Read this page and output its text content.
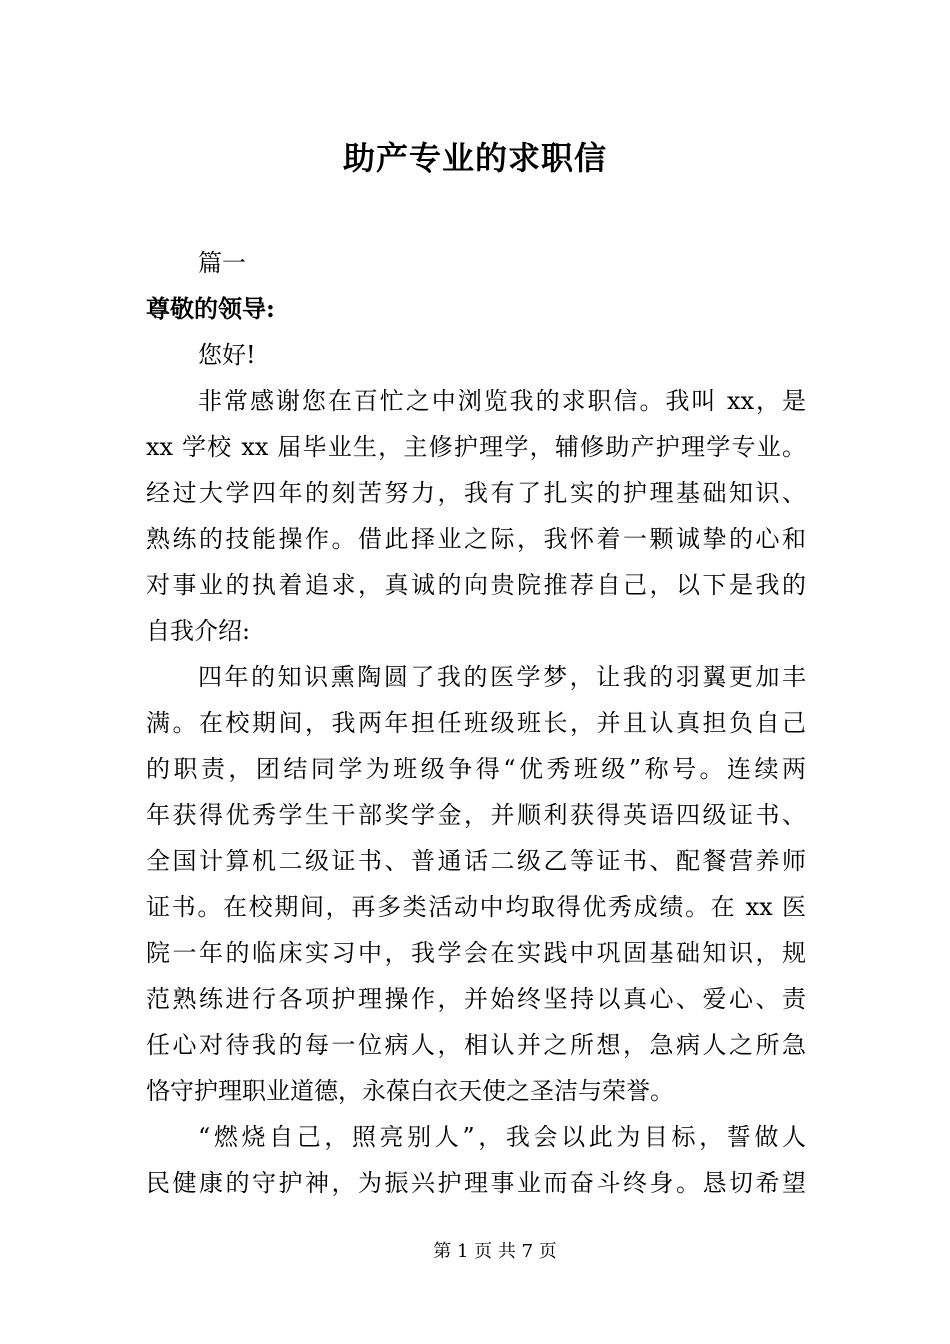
助产专业的求职信
篇一
尊敬的领导:
您好!
非常感谢您在百忙之中浏览我的求职信。我叫 xx，是
xx 学校 xx 届毕业生，主修护理学，辅修助产护理学专业。
经过大学四年的刻苦努力，我有了扎实的护理基础知识、
熟练的技能操作。借此择业之际，我怀着一颗诚挚的心和
对事业的执着追求，真诚的向贵院推荐自己，以下是我的
自我介绍:
四年的知识熏陶圆了我的医学梦，让我的羽翼更加丰
满。在校期间，我两年担任班级班长，并且认真担负自己
的职责，团结同学为班级争得“优秀班级”称号。连续两
年获得优秀学生干部奖学金，并顺利获得英语四级证书、
全国计算机二级证书、普通话二级乙等证书、配餐营养师
证书。在校期间，再多类活动中均取得优秀成绩。在 xx 医
院一年的临床实习中，我学会在实践中巩固基础知识，规
范熟练进行各项护理操作，并始终坚持以真心、爱心、责
任心对待我的每一位病人，相认并之所想，急病人之所急
恪守护理职业道德，永葆白衣天使之圣洁与荣誉。
“燃烧自己，照亮别人”，我会以此为目标，誓做人
民健康的守护神，为振兴护理事业而奋斗终身。恳切希望
第 1 页 共 7 页
